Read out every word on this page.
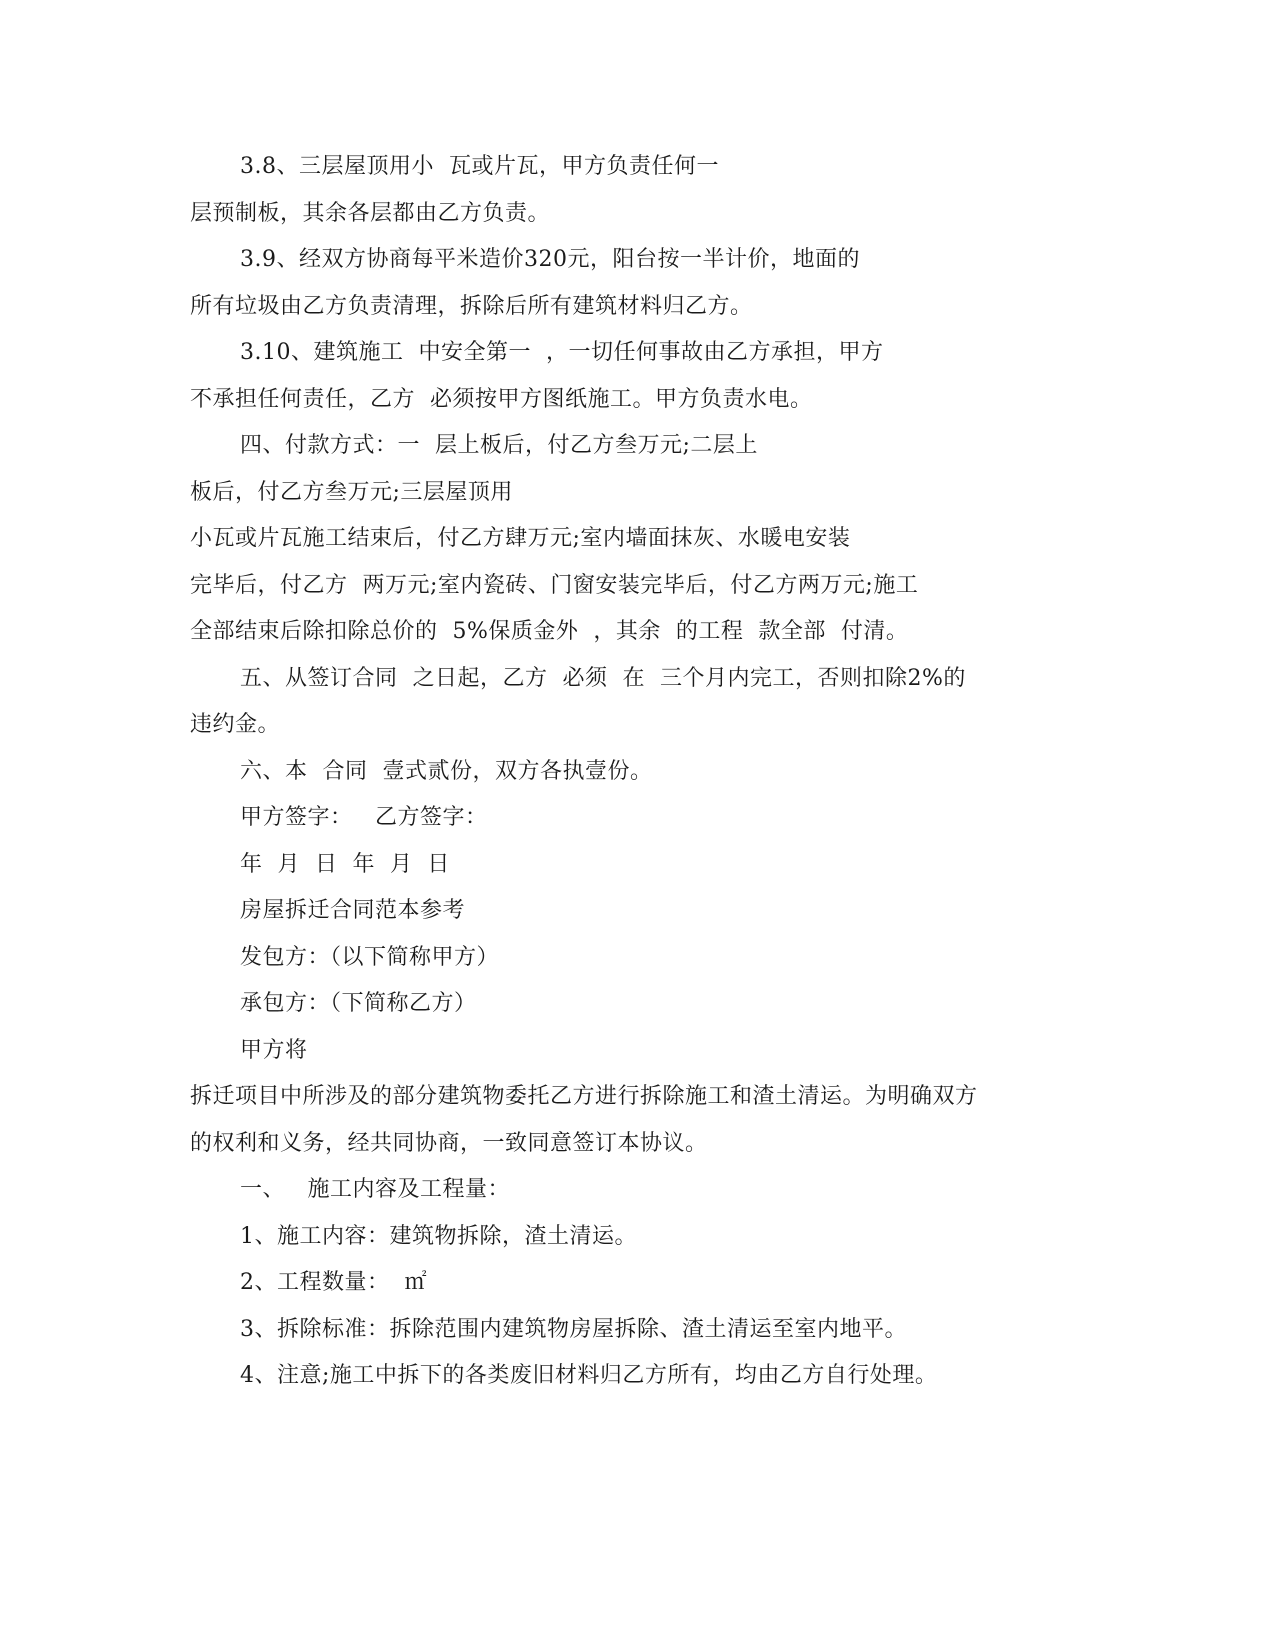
3.8、三层屋顶用小  瓦或片瓦，甲方负责任何一
层预制板，其余各层都由乙方负责。
3.9、经双方协商每平米造价320元，阳台按一半计价，地面的
所有垃圾由乙方负责清理，拆除后所有建筑材料归乙方。
3.10、建筑施工  中安全第一  ，一切任何事故由乙方承担，甲方
不承担任何责任，乙方  必须按甲方图纸施工。甲方负责水电。
四、付款方式：一  层上板后，付乙方叁万元;二层上
板后，付乙方叁万元;三层屋顶用
小瓦或片瓦施工结束后，付乙方肆万元;室内墙面抹灰、水暖电安装
完毕后，付乙方  两万元;室内瓷砖、门窗安装完毕后，付乙方两万元;施工
全部结束后除扣除总价的  5%保质金外  ，其余  的工程  款全部  付清。
五、从签订合同  之日起，乙方  必须  在  三个月内完工，否则扣除2%的
违约金。
六、本  合同  壹式贰份，双方各执壹份。
甲方签字：   乙方签字：
年  月  日  年  月  日
房屋拆迁合同范本参考
发包方：（以下简称甲方）
承包方：（下简称乙方）
甲方将
拆迁项目中所涉及的部分建筑物委托乙方进行拆除施工和渣土清运。为明确双方
的权利和义务，经共同协商，一致同意签订本协议。
一、   施工内容及工程量：
1、施工内容：建筑物拆除，渣土清运。
2、工程数量：  ㎡
3、拆除标准：拆除范围内建筑物房屋拆除、渣土清运至室内地平。
4、注意;施工中拆下的各类废旧材料归乙方所有，均由乙方自行处理。
